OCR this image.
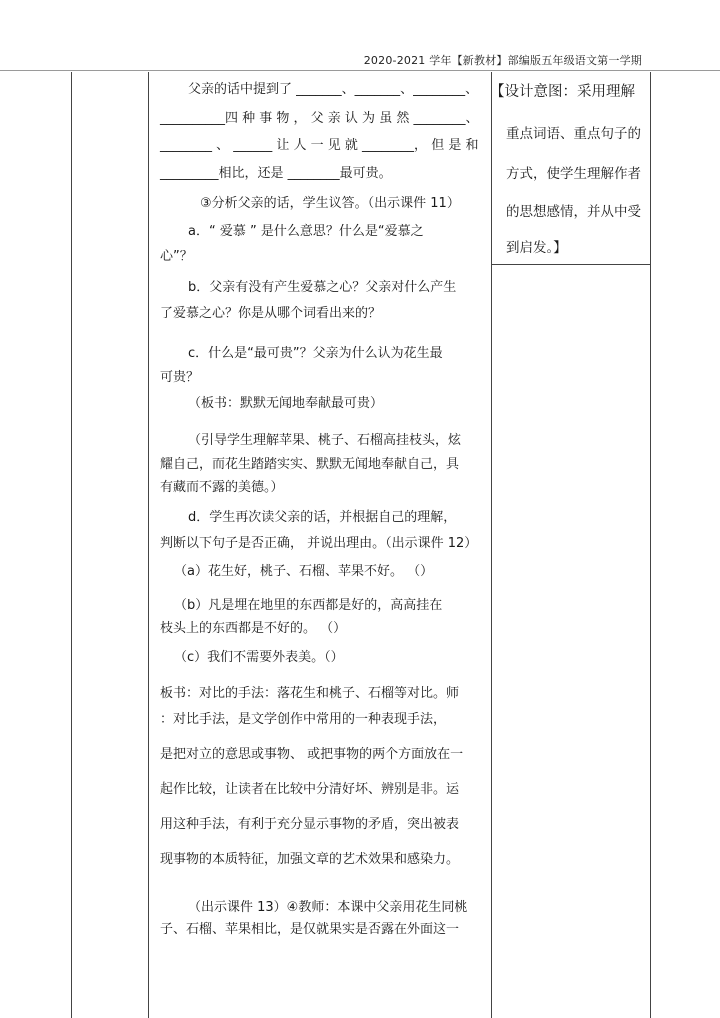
2020-2021 学年【新教材】部编版五年级语文第一学期
父亲的话中提到了 _______、_______、________、
__________四 种 事 物 ， 父 亲 认 为 虽 然 ________、
________ 、 ______ 让 人 一 见 就 ________， 但 是 和
_________相比，还是 ________最可贵。
③分析父亲的话，学生议答。（出示课件 11）
a．“ 爱慕 ” 是什么意思？什么是“爱慕之
心”？
b．父亲有没有产生爱慕之心？父亲对什么产生
了爱慕之心？你是从哪个词看出来的？
c．什么是“最可贵”？父亲为什么认为花生最
可贵？
（板书：默默无闻地奉献最可贵）
（引导学生理解苹果、桃子、石榴高挂枝头，炫
耀自己，而花生踏踏实实、默默无闻地奉献自己，具
有藏而不露的美德。）
d．学生再次读父亲的话，并根据自己的理解，
判断以下句子是否正确， 并说出理由。（出示课件 12）
（a）花生好，桃子、石榴、苹果不好。 （）
（b）凡是埋在地里的东西都是好的，高高挂在
枝头上的东西都是不好的。 （）
（c）我们不需要外表美。（）
板书：对比的手法：落花生和桃子、石榴等对比。师
：对比手法，是文学创作中常用的一种表现手法，
是把对立的意思或事物、 或把事物的两个方面放在一
起作比较，让读者在比较中分清好坏、辨别是非。运
用这种手法，有利于充分显示事物的矛盾，突出被表
现事物的本质特征，加强文章的艺术效果和感染力。
（出示课件 13）④教师：本课中父亲用花生同桃
子、石榴、苹果相比，是仅就果实是否露在外面这一
【设计意图：采用理解
重点词语、重点句子的
方式，使学生理解作者
的思想感情，并从中受
到启发。】
